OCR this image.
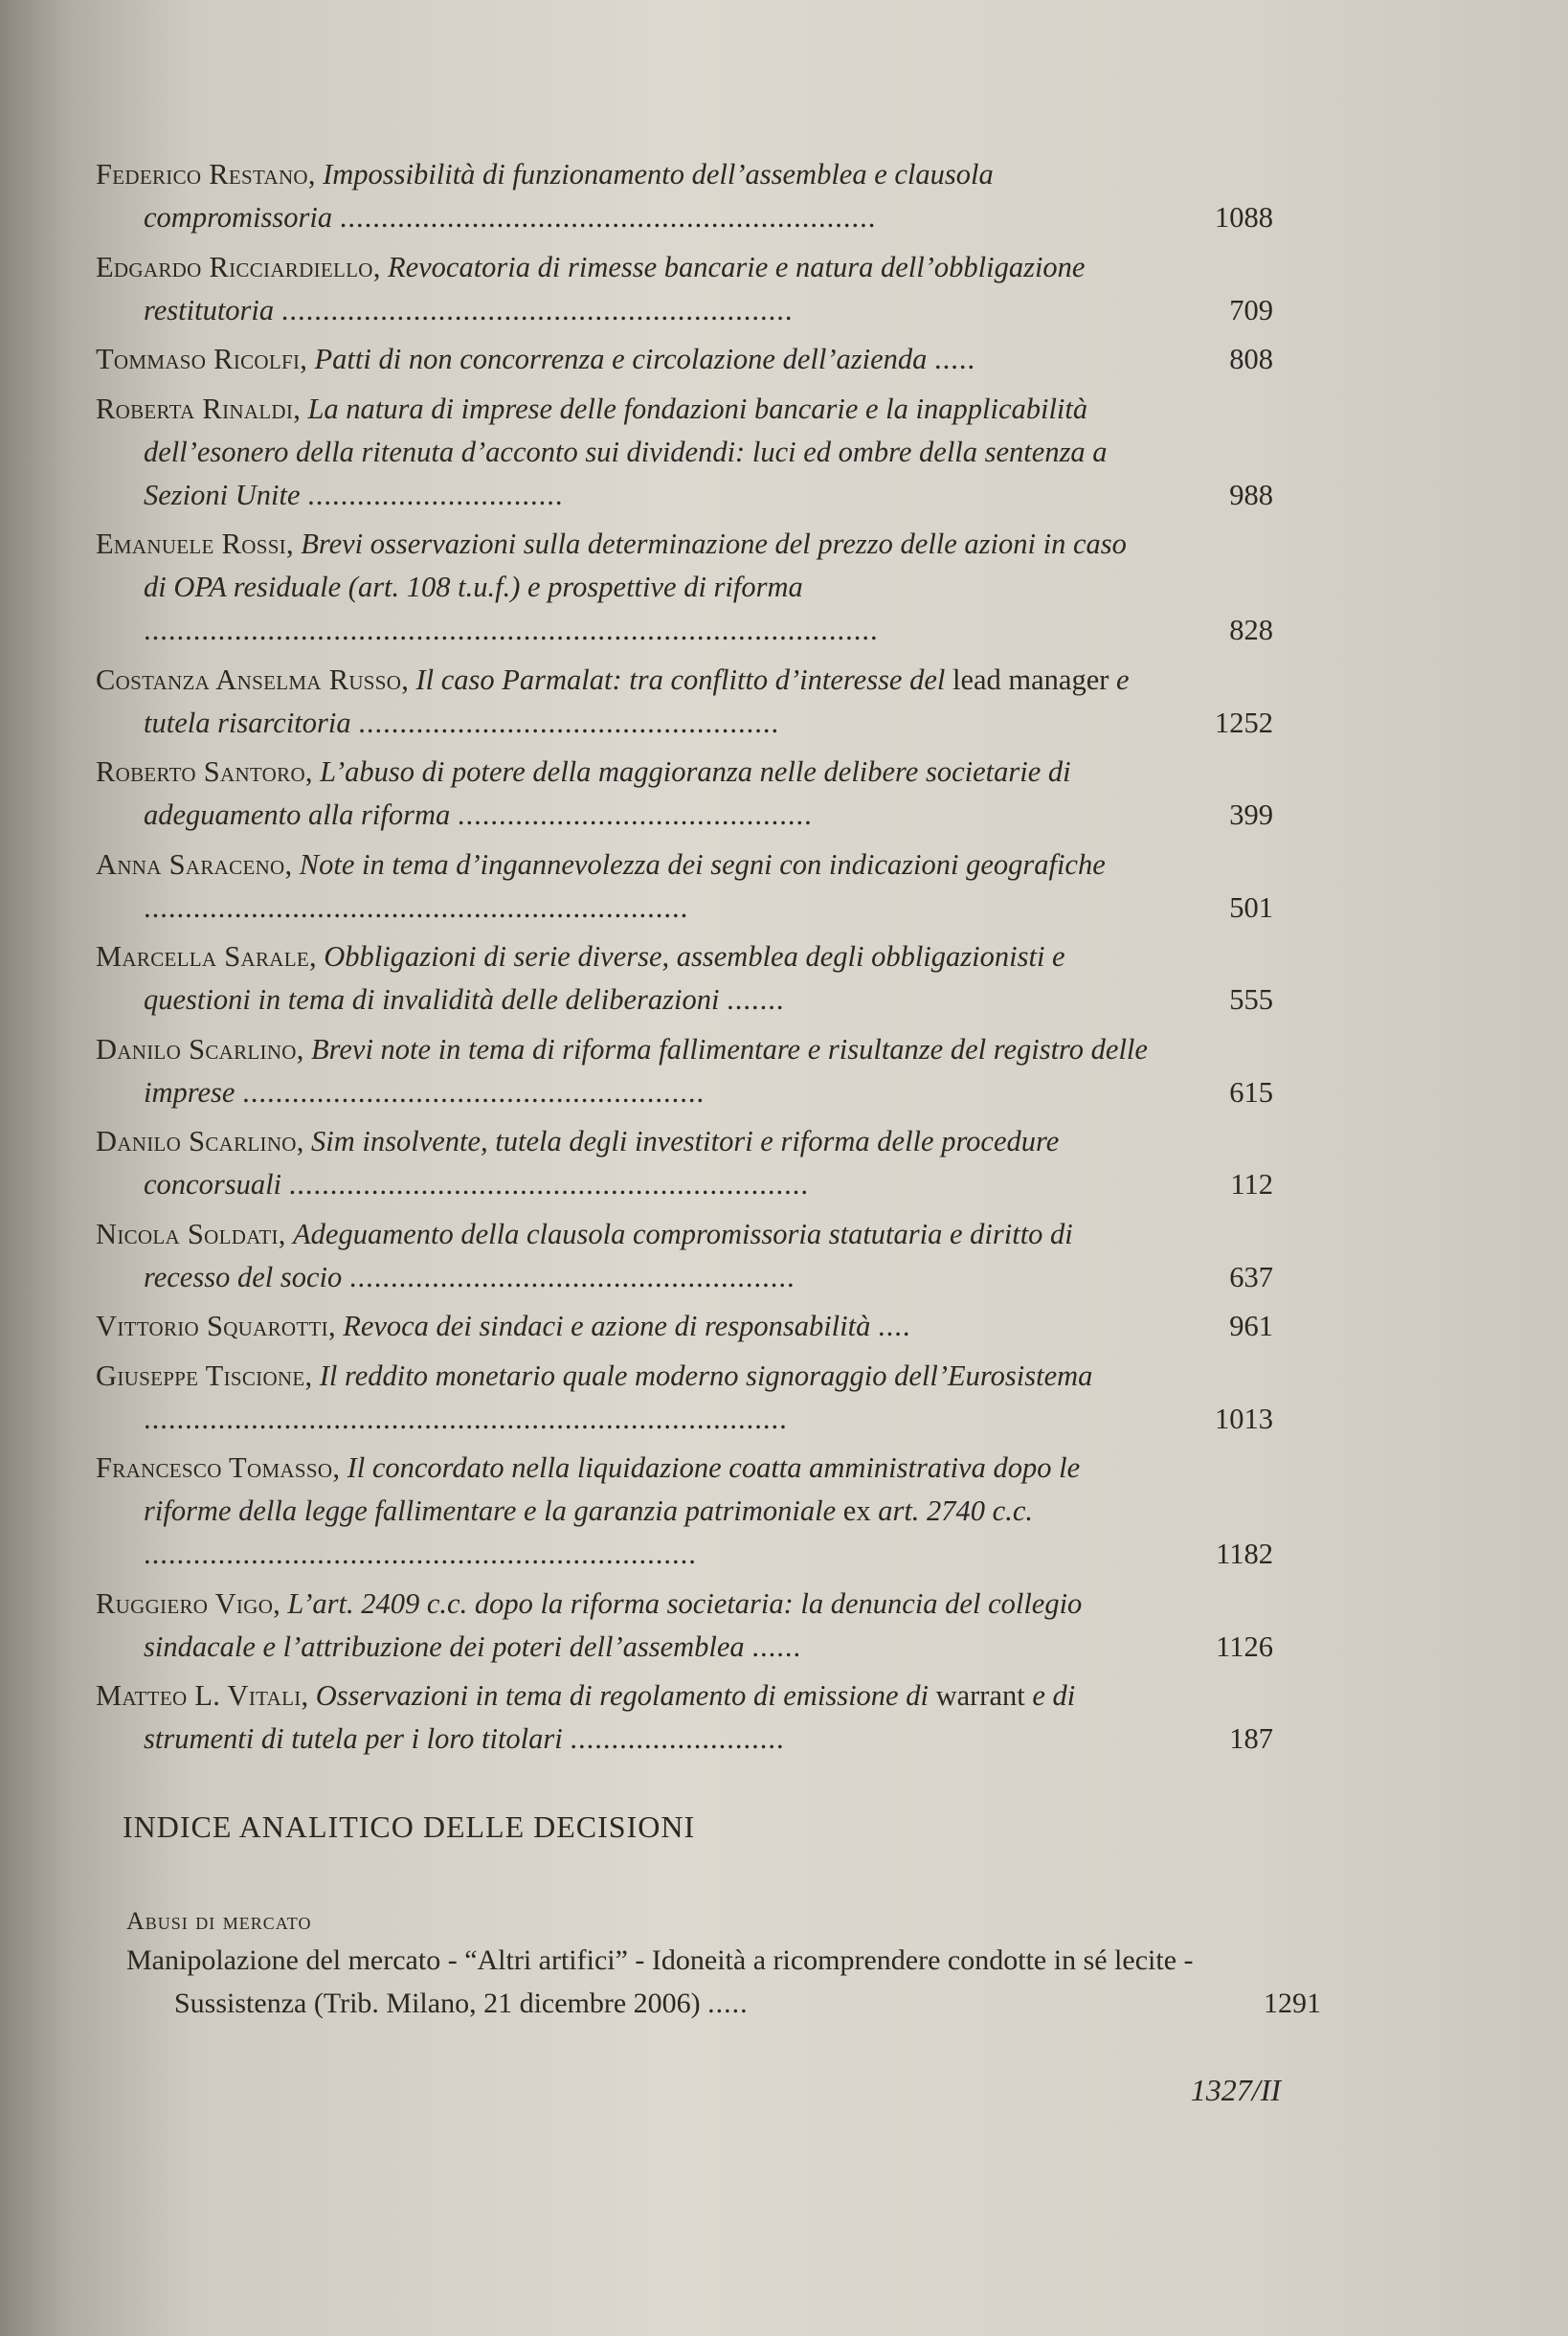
Federico Restano, Impossibilità di funzionamento dell’assemblea e clausola compromissoria .................................................................	1088
Edgardo Ricciardiello, Revocatoria di rimesse bancarie e natura dell’obbligazione restitutoria ..............................................................	709
Tommaso Ricolfi, Patti di non concorrenza e circolazione dell’azienda .....	808
Roberta Rinaldi, La natura di imprese delle fondazioni bancarie e la inapplicabilità dell’esonero della ritenuta d’acconto sui dividendi: luci ed ombre della sentenza a Sezioni Unite ...............................	988
Emanuele Rossi, Brevi osservazioni sulla determinazione del prezzo delle azioni in caso di OPA residuale (art. 108 t.u.f.) e prospettive di riforma .........................................................................................	828
Costanza Anselma Russo, Il caso Parmalat: tra conflitto d’interesse del lead manager e tutela risarcitoria ...................................................	1252
Roberto Santoro, L’abuso di potere della maggioranza nelle delibere societarie di adeguamento alla riforma ...........................................	399
Anna Saraceno, Note in tema d’ingannevolezza dei segni con indicazioni geografiche ..................................................................	501
Marcella Sarale, Obbligazioni di serie diverse, assemblea degli obbligazionisti e questioni in tema di invalidità delle deliberazioni .......	555
Danilo Scarlino, Brevi note in tema di riforma fallimentare e risultanze del registro delle imprese ........................................................	615
Danilo Scarlino, Sim insolvente, tutela degli investitori e riforma delle procedure concorsuali ...............................................................	112
Nicola Soldati, Adeguamento della clausola compromissoria statutaria e diritto di recesso del socio ......................................................	637
Vittorio Squarotti, Revoca dei sindaci e azione di responsabilità ....	961
Giuseppe Tiscione, Il reddito monetario quale moderno signoraggio dell’Eurosistema ..............................................................................	1013
Francesco Tomasso, Il concordato nella liquidazione coatta amministrativa dopo le riforme della legge fallimentare e la garanzia patrimoniale ex art. 2740 c.c. ...................................................................	1182
Ruggiero Vigo, L’art. 2409 c.c. dopo la riforma societaria: la denuncia del collegio sindacale e l’attribuzione dei poteri dell’assemblea ......	1126
Matteo L. Vitali, Osservazioni in tema di regolamento di emissione di warrant e di strumenti di tutela per i loro titolari ..........................	187
INDICE ANALITICO DELLE DECISIONI
Abusi di mercato
Manipolazione del mercato - “Altri artifici” - Idoneità a ricomprendere condotte in sé lecite - Sussistenza (Trib. Milano, 21 dicembre 2006) .....	1291
1327/II
